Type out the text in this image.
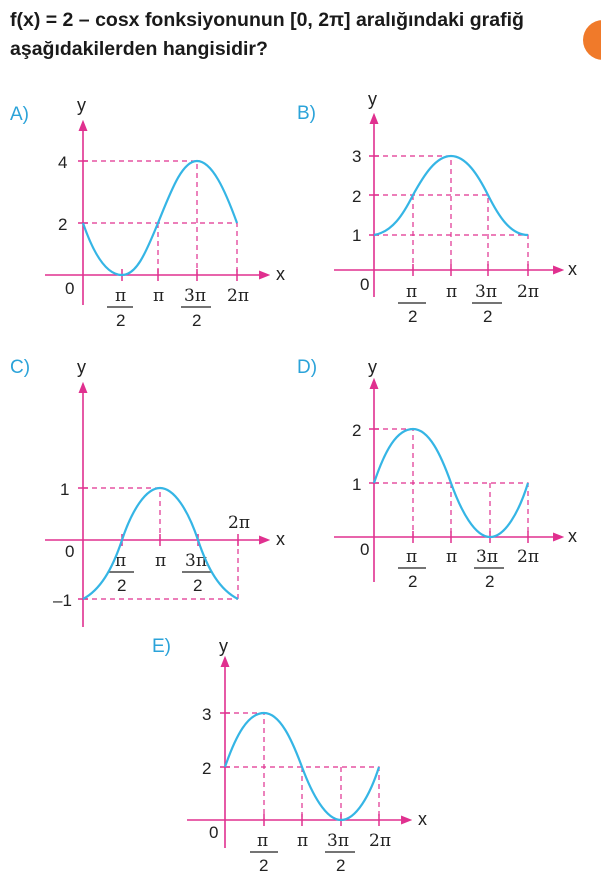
f(x) = 2 – cosx fonksiyonunun [0, 2π] aralığındaki grafiğ
aşağıdakilerden hangisidir?
A)	y
x
0
4
2
π
2
π 3π
2
2π
B)
y
x
0
3
2
1
π
2
π 3π
2
2π
C)	y
x
0
1
–1
2π
π
2
π 3π
2
D)	y
x
0
2
1
π
2
π 3π
2
2π
E)	y
x
0
3
2
π
2
π 3π
2
2π
